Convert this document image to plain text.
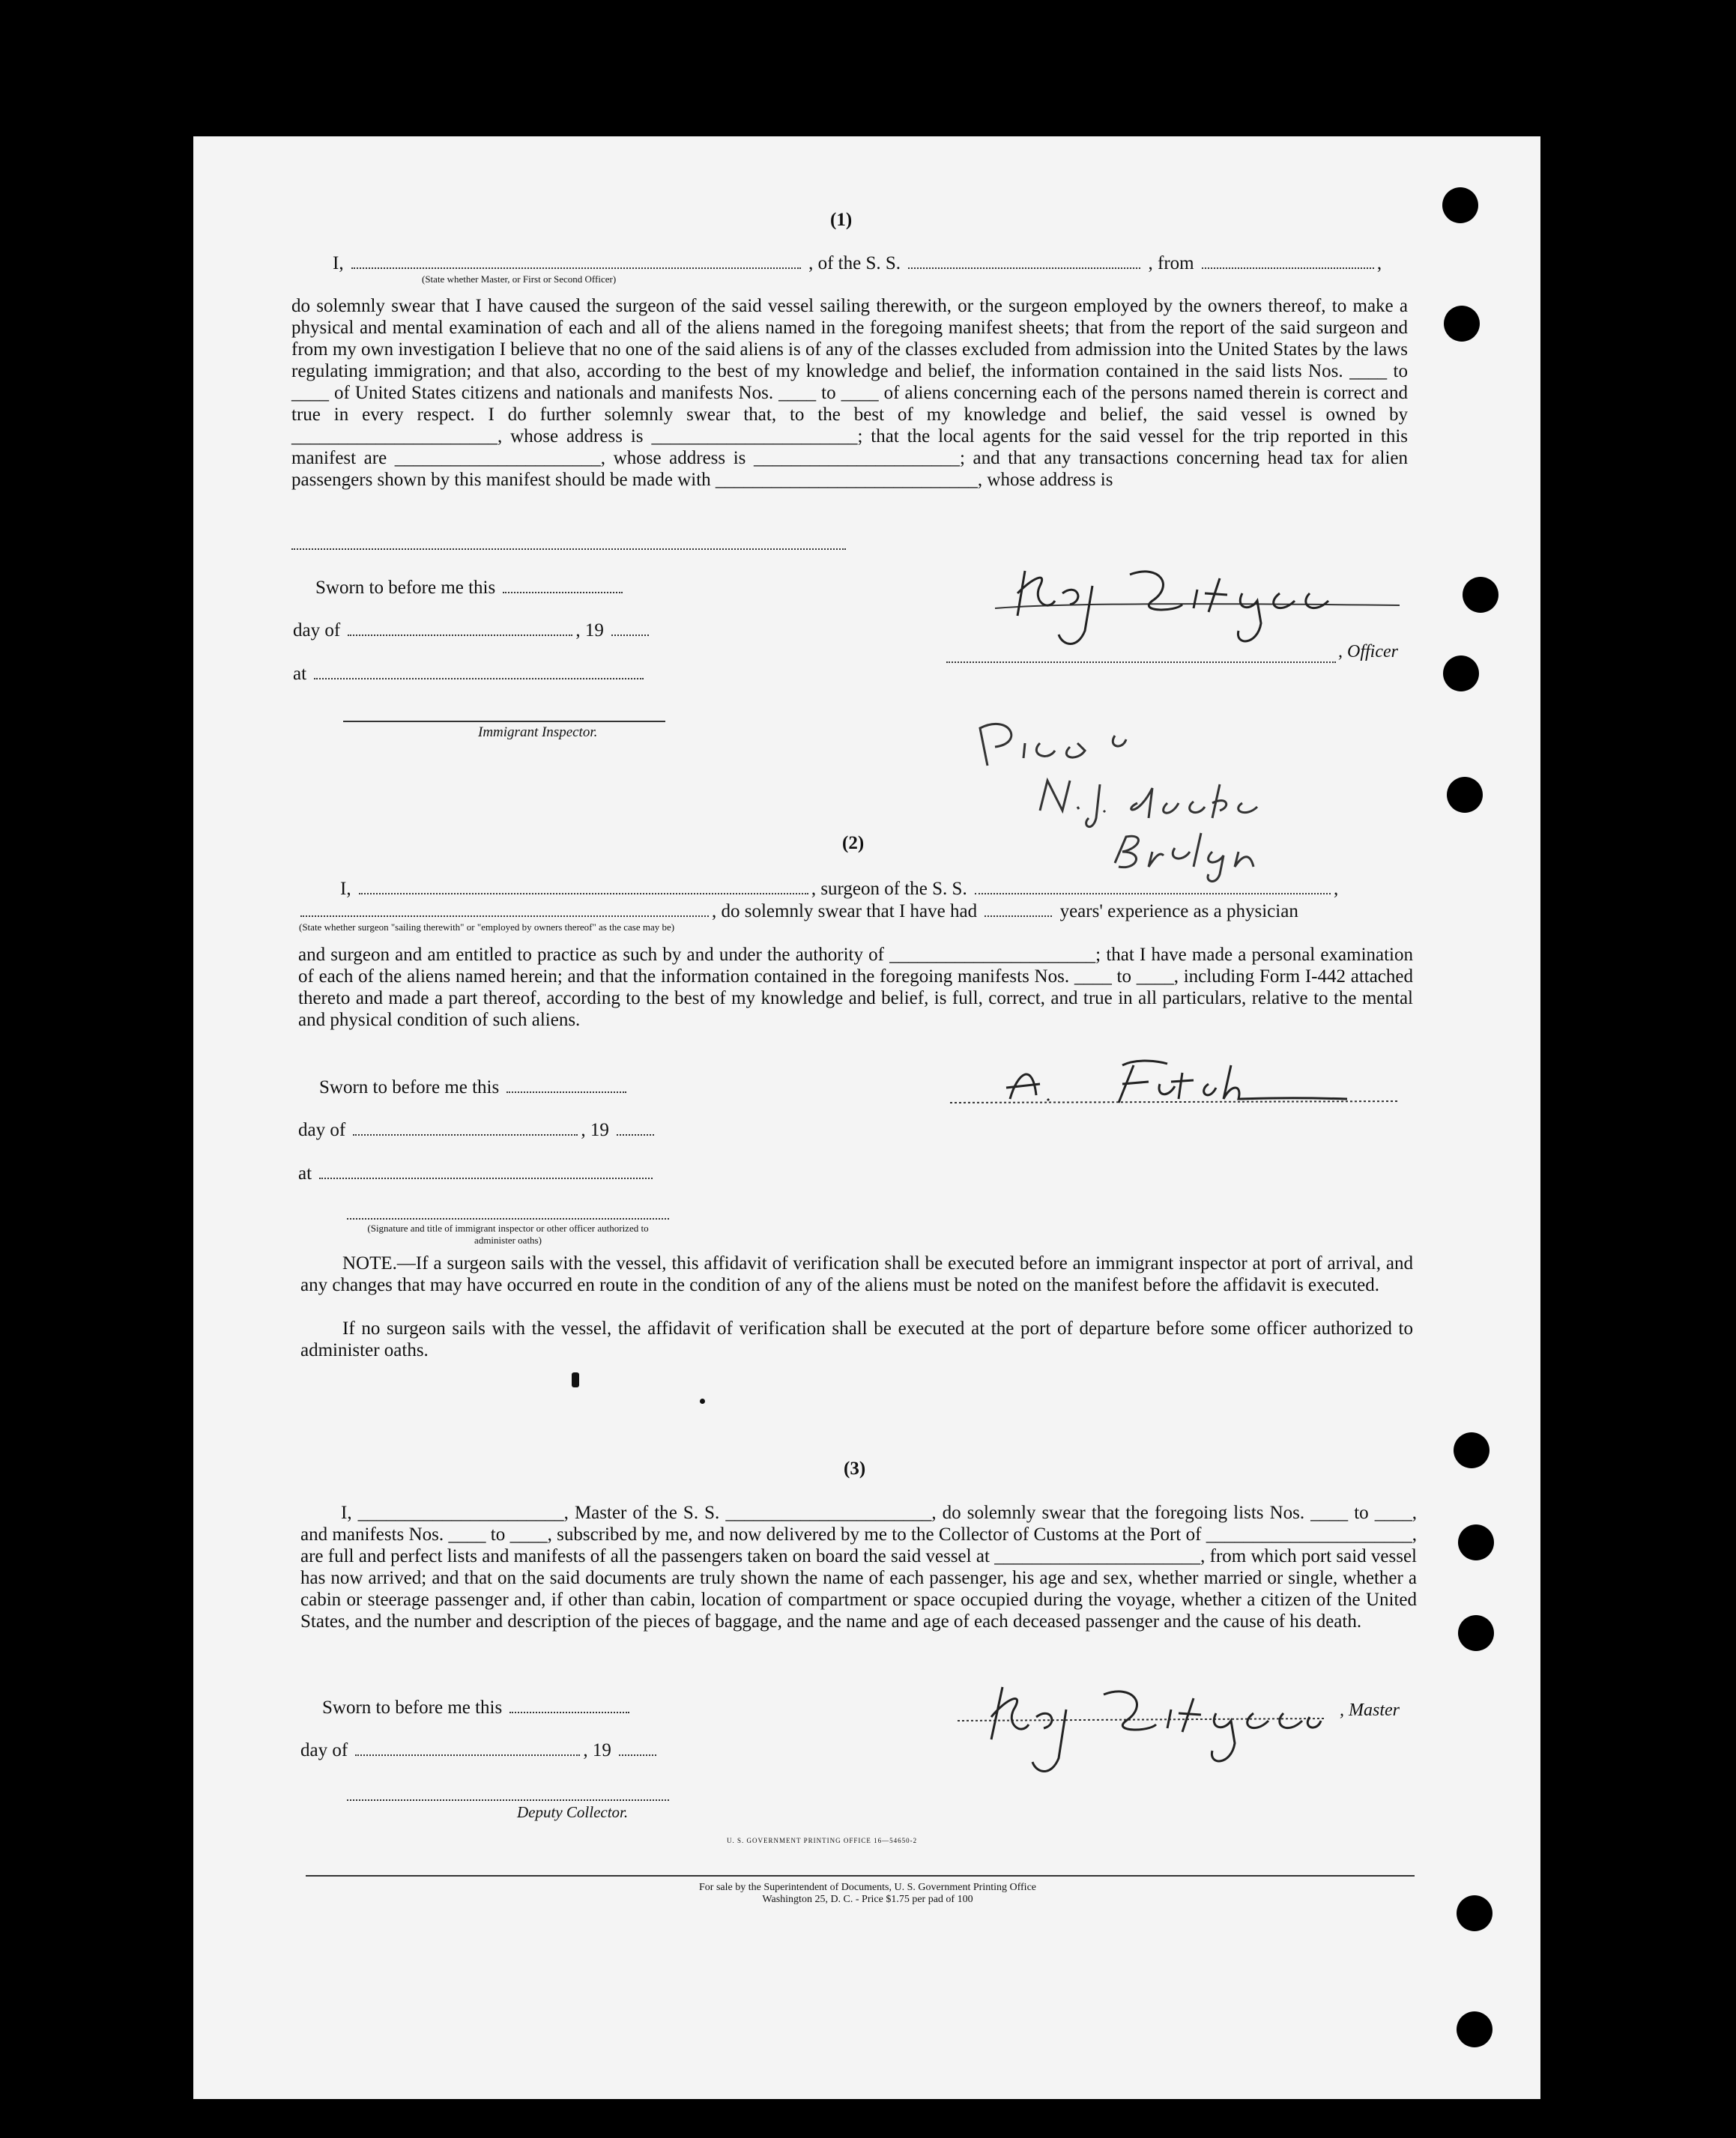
(1)
I,	, of the S. S.	, from	,
(State whether Master, or First or Second Officer)
do solemnly swear that I have caused the surgeon of the said vessel sailing therewith, or the surgeon employed by the owners thereof, to make a physical and mental examination of each and all of the aliens named in the foregoing manifest sheets; that from the report of the said surgeon and from my own investigation I believe that no one of the said aliens is of any of the classes excluded from admission into the United States by the laws regulating immigration; and that also, according to the best of my knowledge and belief, the information contained in the said lists Nos. ____ to ____ of United States citizens and nationals and manifests Nos. ____ to ____ of aliens concerning each of the persons named therein is correct and true in every respect. I do further solemnly swear that, to the best of my knowledge and belief, the said vessel is owned by ______________________, whose address is ______________________; that the local agents for the said vessel for the trip reported in this manifest are ______________________, whose address is ______________________; and that any transactions concerning head tax for alien passengers shown by this manifest should be made with ____________________________, whose address is
Sworn to before me this
day of	, 19
at
Immigrant Inspector.
, Officer
(2)
I,	, surgeon of the S. S.	,
, do solemnly swear that I have had	years' experience as a physician
(State whether surgeon "sailing therewith" or "employed by owners thereof" as the case may be)
and surgeon and am entitled to practice as such by and under the authority of ______________________; that I have made a personal examination of each of the aliens named herein; and that the information contained in the foregoing manifests Nos. ____ to ____, including Form I-442 attached thereto and made a part thereof, according to the best of my knowledge and belief, is full, correct, and true in all particulars, relative to the mental and physical condition of such aliens.
Sworn to before me this
day of	, 19
at
(Signature and title of immigrant inspector or other officer authorized to administer oaths)
NOTE.—If a surgeon sails with the vessel, this affidavit of verification shall be executed before an immigrant inspector at port of arrival, and any changes that may have occurred en route in the condition of any of the aliens must be noted on the manifest before the affidavit is executed.
If no surgeon sails with the vessel, the affidavit of verification shall be executed at the port of departure before some officer authorized to administer oaths.
(3)
I, ______________________, Master of the S. S. ______________________, do solemnly swear that the foregoing lists Nos. ____ to ____, and manifests Nos. ____ to ____, subscribed by me, and now delivered by me to the Collector of Customs at the Port of ______________________, are full and perfect lists and manifests of all the passengers taken on board the said vessel at ______________________, from which port said vessel has now arrived; and that on the said documents are truly shown the name of each passenger, his age and sex, whether married or single, whether a cabin or steerage passenger and, if other than cabin, location of compartment or space occupied during the voyage, whether a citizen of the United States, and the number and description of the pieces of baggage, and the name and age of each deceased passenger and the cause of his death.
Sworn to before me this
day of	, 19
Deputy Collector.
, Master
U. S. GOVERNMENT PRINTING OFFICE 16—54650-2
For sale by the Superintendent of Documents, U. S. Government Printing Office
Washington 25, D. C. - Price $1.75 per pad of 100
